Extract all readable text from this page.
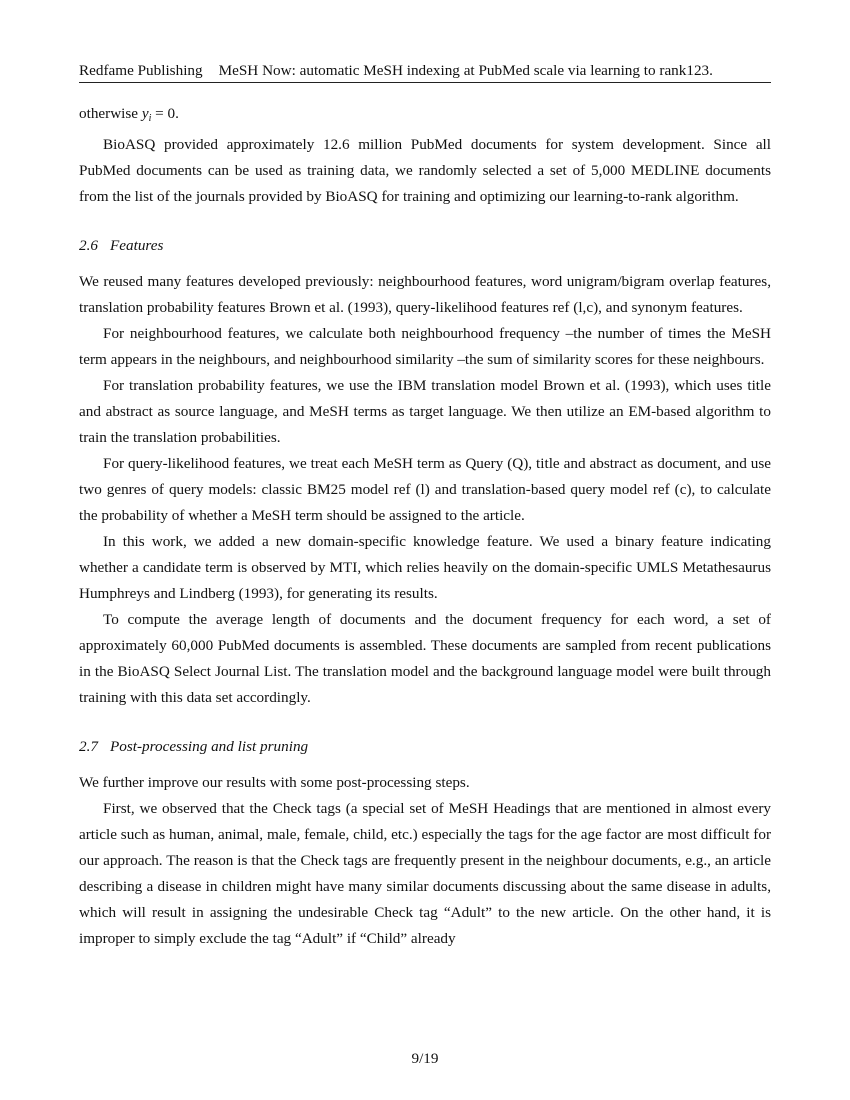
Redfame Publishing MeSH Now: automatic MeSH indexing at PubMed scale via learning to rank123.

otherwise $y_i = 0$.

BioASQ provided approximately 12.6 million PubMed documents for system development. Since all PubMed documents can be used as training data, we randomly selected a set of 5,000 MEDLINE documents from the list of the journals provided by BioASQ for training and optimizing our learning-to-rank algorithm.

2.6 Features

We reused many features developed previously: neighbourhood features, word unigram/bigram overlap features, translation probability features Brown et al. (1993), query-likelihood features ref (l,c), and synonym features.

For neighbourhood features, we calculate both neighbourhood frequency –the number of times the MeSH term appears in the neighbours, and neighbourhood similarity –the sum of similarity scores for these neighbours.

For translation probability features, we use the IBM translation model Brown et al. (1993), which uses title and abstract as source language, and MeSH terms as target language. We then utilize an EM-based algorithm to train the translation probabilities.

For query-likelihood features, we treat each MeSH term as Query (Q), title and abstract as document, and use two genres of query models: classic BM25 model ref (l) and translation-based query model ref (c), to calculate the probability of whether a MeSH term should be assigned to the article.

In this work, we added a new domain-specific knowledge feature. We used a binary feature indicating whether a candidate term is observed by MTI, which relies heavily on the domain-specific UMLS Metathesaurus Humphreys and Lindberg (1993), for generating its results.

To compute the average length of documents and the document frequency for each word, a set of approximately 60,000 PubMed documents is assembled. These documents are sampled from recent publications in the BioASQ Select Journal List. The translation model and the background language model were built through training with this data set accordingly.

2.7 Post-processing and list pruning

We further improve our results with some post-processing steps.

First, we observed that the Check tags (a special set of MeSH Headings that are mentioned in almost every article such as human, animal, male, female, child, etc.) especially the tags for the age factor are most difficult for our approach. The reason is that the Check tags are frequently present in the neighbour documents, e.g., an article describing a disease in children might have many similar documents discussing about the same disease in adults, which will result in assigning the undesirable Check tag “Adult” to the new article. On the other hand, it is improper to simply exclude the tag “Adult” if “Child” already

9/19
